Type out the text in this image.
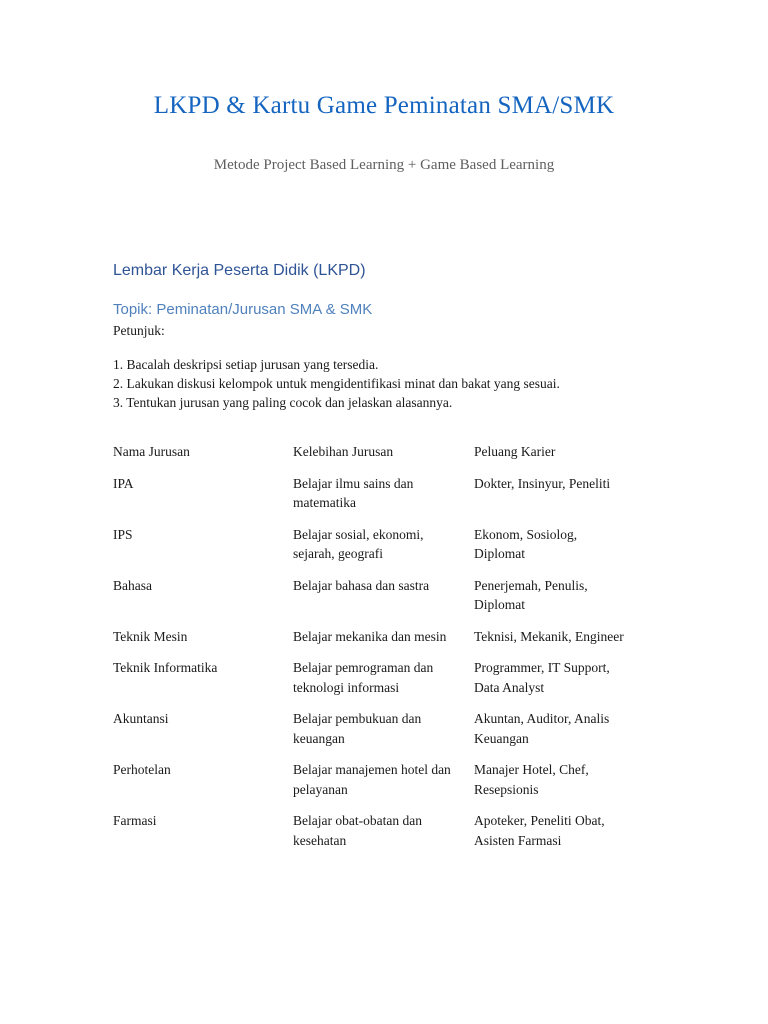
LKPD & Kartu Game Peminatan SMA/SMK

Metode Project Based Learning + Game Based Learning

Lembar Kerja Peserta Didik (LKPD)
Topik: Peminatan/Jurusan SMA & SMK

Petunjuk:

1. Bacalah deskripsi setiap jurusan yang tersedia.
2. Lakukan diskusi kelompok untuk mengidentifikasi minat dan bakat yang sesuai.
3. Tentukan jurusan yang paling cocok dan jelaskan alasannya.
Nama Jurusan	Kelebihan Jurusan	Peluang Karier

IPA	Belajar ilmu sains dan matematika	Dokter, Insinyur, Peneliti

IPS	Belajar sosial, ekonomi, sejarah, geografi	Ekonom, Sosiolog, Diplomat

Bahasa	Belajar bahasa dan sastra	Penerjemah, Penulis, Diplomat

Teknik Mesin	Belajar mekanika dan mesin	Teknisi, Mekanik, Engineer

Teknik Informatika	Belajar pemrograman dan teknologi informasi	Programmer, IT Support, Data Analyst

Akuntansi	Belajar pembukuan dan keuangan	Akuntan, Auditor, Analis Keuangan

Perhotelan	Belajar manajemen hotel dan pelayanan	Manajer Hotel, Chef, Resepsionis

Farmasi	Belajar obat-obatan dan kesehatan	Apoteker, Peneliti Obat, Asisten Farmasi
